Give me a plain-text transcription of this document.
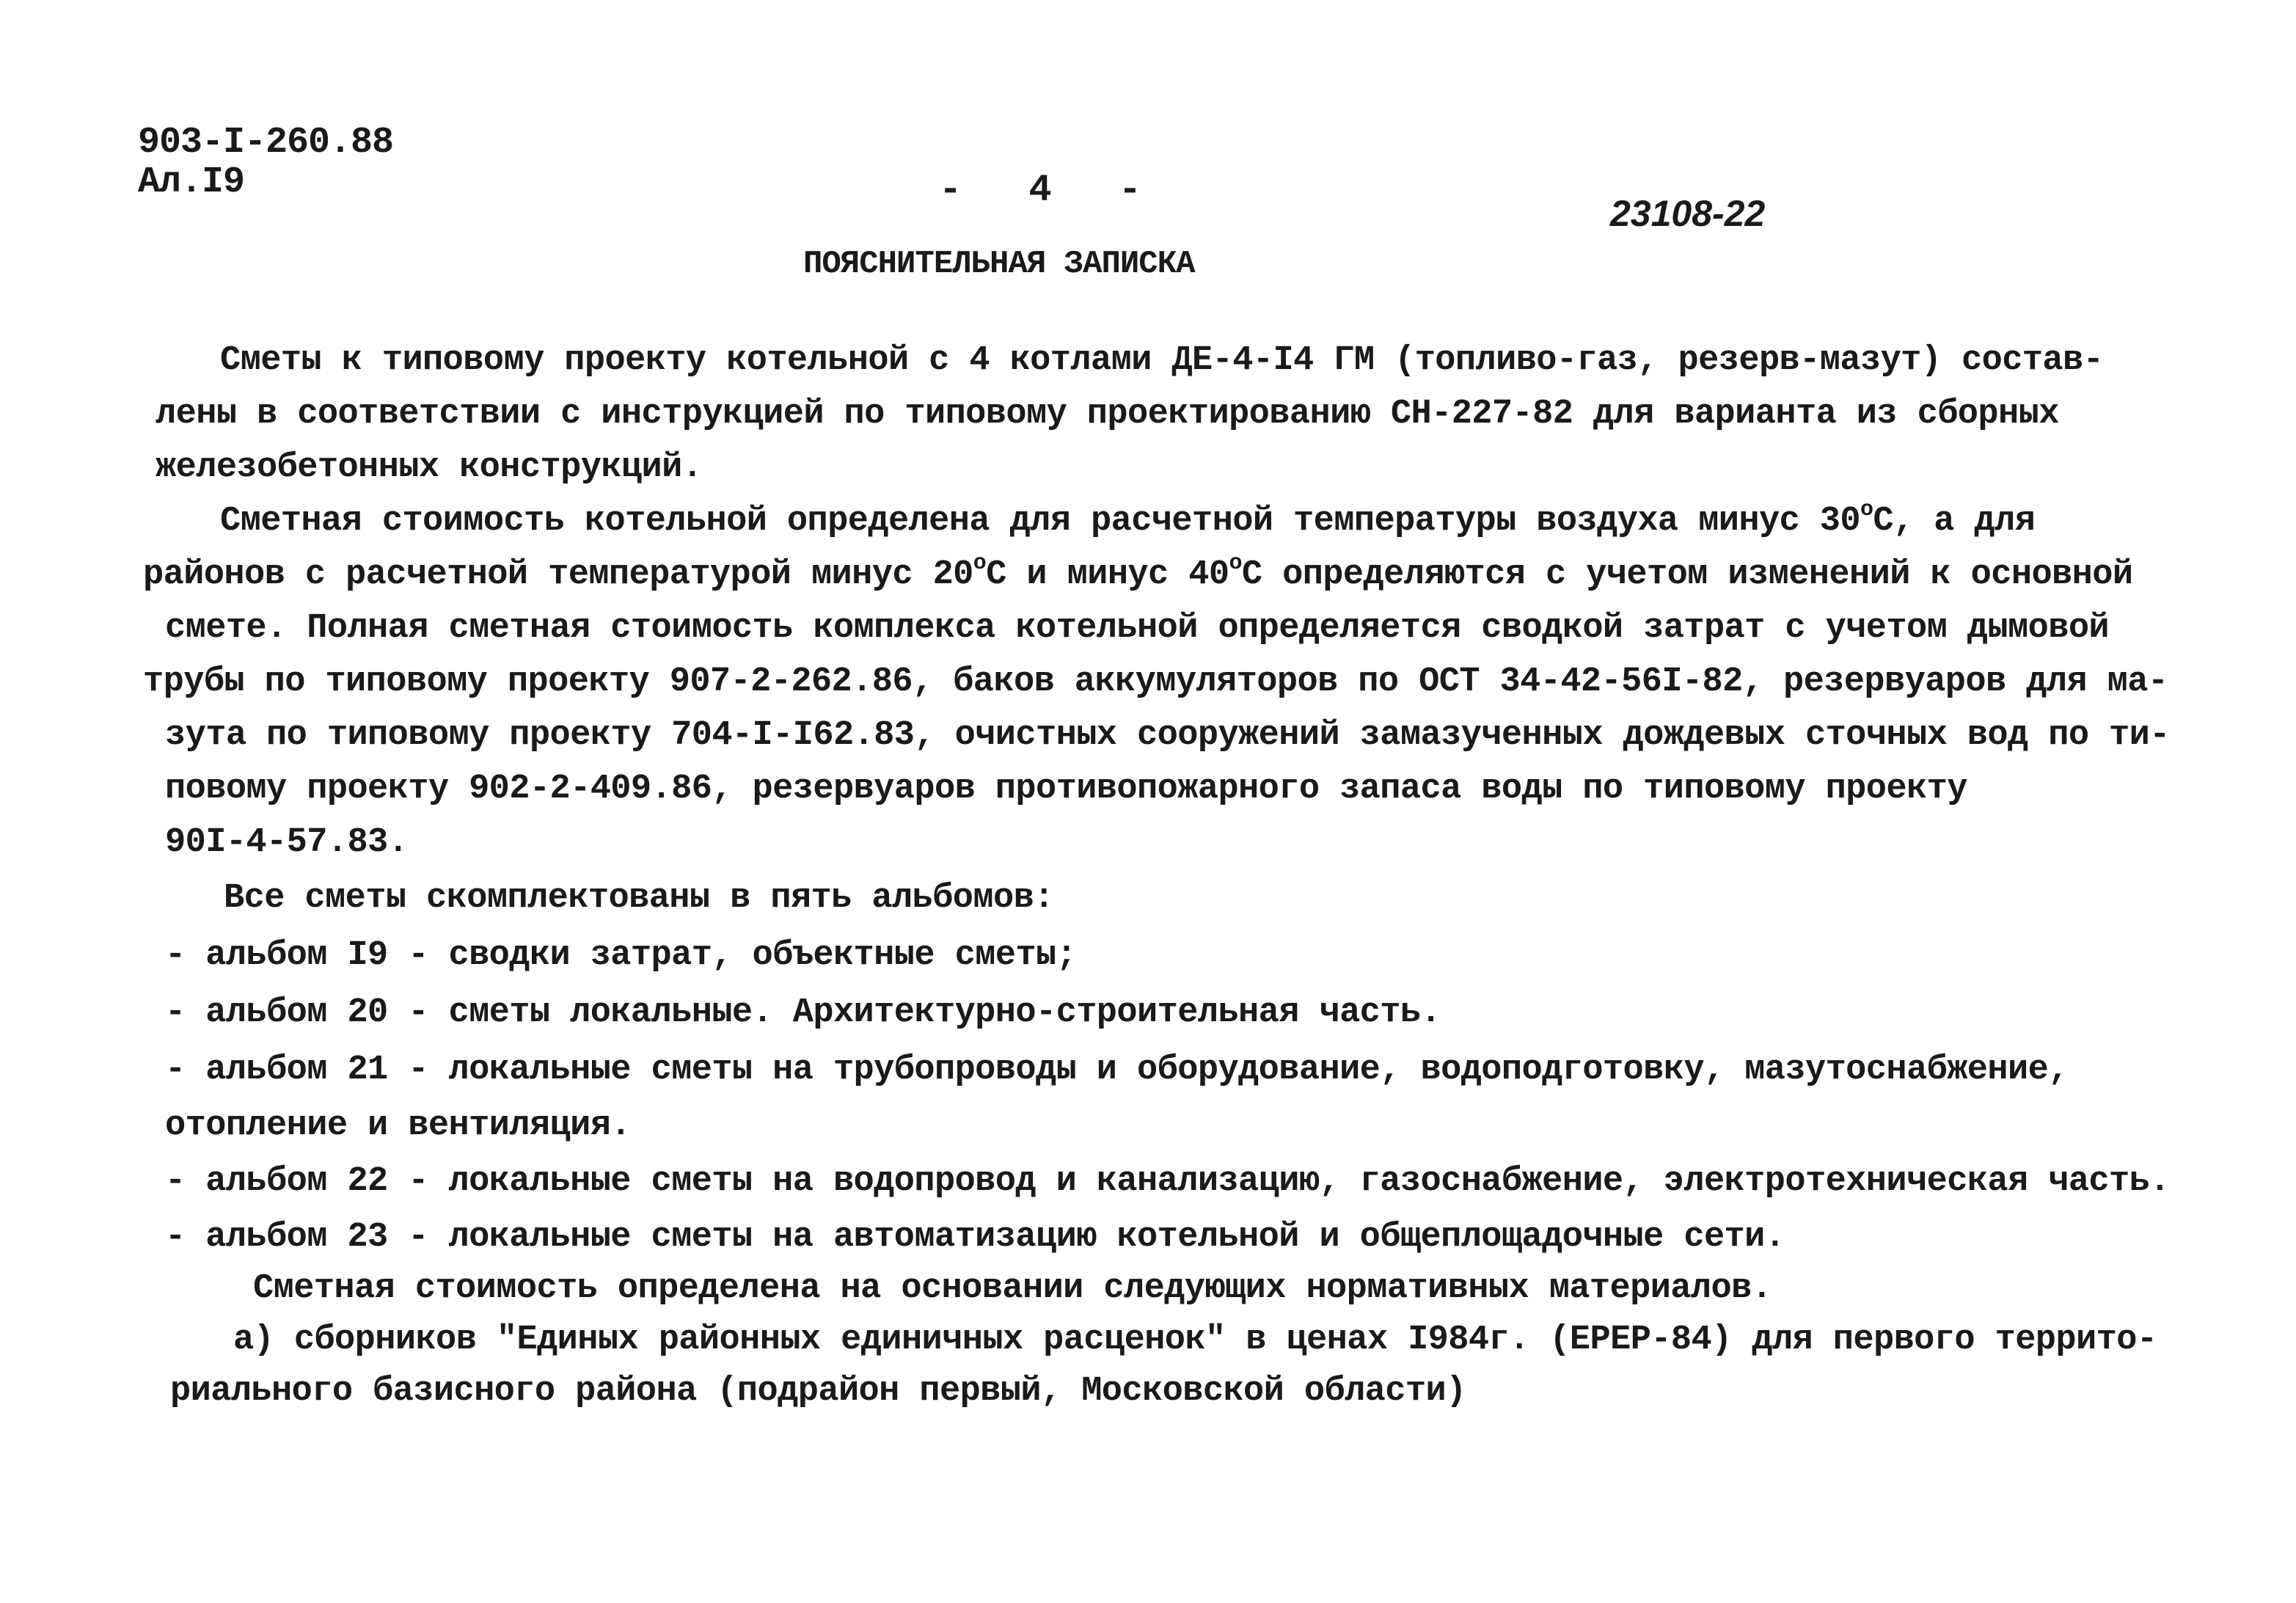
903-I-260.88
Ал.I9	- 4 -
23108-22
ПОЯСНИТЕЛЬНАЯ ЗАПИСКА
Сметы к типовому проекту котельной с 4 котлами ДЕ-4-I4 ГМ (топливо-газ, резерв-мазут) состав-
лены в соответствии с инструкцией по типовому проектированию СН-227-82 для варианта из сборных
железобетонных конструкций.
Сметная стоимость котельной определена для расчетной температуры воздуха минус $30^оС$, а для
районов с расчетной температурой минус $20^оС$ и минус $40^оС$ определяются с учетом изменений к основной
смете. Полная сметная стоимость комплекса котельной определяется сводкой затрат с учетом дымовой
трубы по типовому проекту 907-2-262.86, баков аккумуляторов по ОСТ 34-42-56I-82, резервуаров для ма-
зута по типовому проекту 704-I-I62.83, очистных сооружений замазученных дождевых сточных вод по ти-
повому проекту 902-2-409.86, резервуаров противопожарного запаса воды по типовому проекту
90I-4-57.83.
Все сметы скомплектованы в пять альбомов:
- альбом I9 - сводки затрат, объектные сметы;
- альбом 20 - сметы локальные. Архитектурно-строительная часть.
- альбом 21 - локальные сметы на трубопроводы и оборудование, водоподготовку, мазутоснабжение,
отопление и вентиляция.
- альбом 22 - локальные сметы на водопровод и канализацию, газоснабжение, электротехническая часть.
- альбом 23 - локальные сметы на автоматизацию котельной и общеплощадочные сети.
Сметная стоимость определена на основании следующих нормативных материалов.
а) сборников "Единых районных единичных расценок" в ценах I984г. (ЕРЕР-84) для первого террито-
риального базисного района (подрайон первый, Московской области)
